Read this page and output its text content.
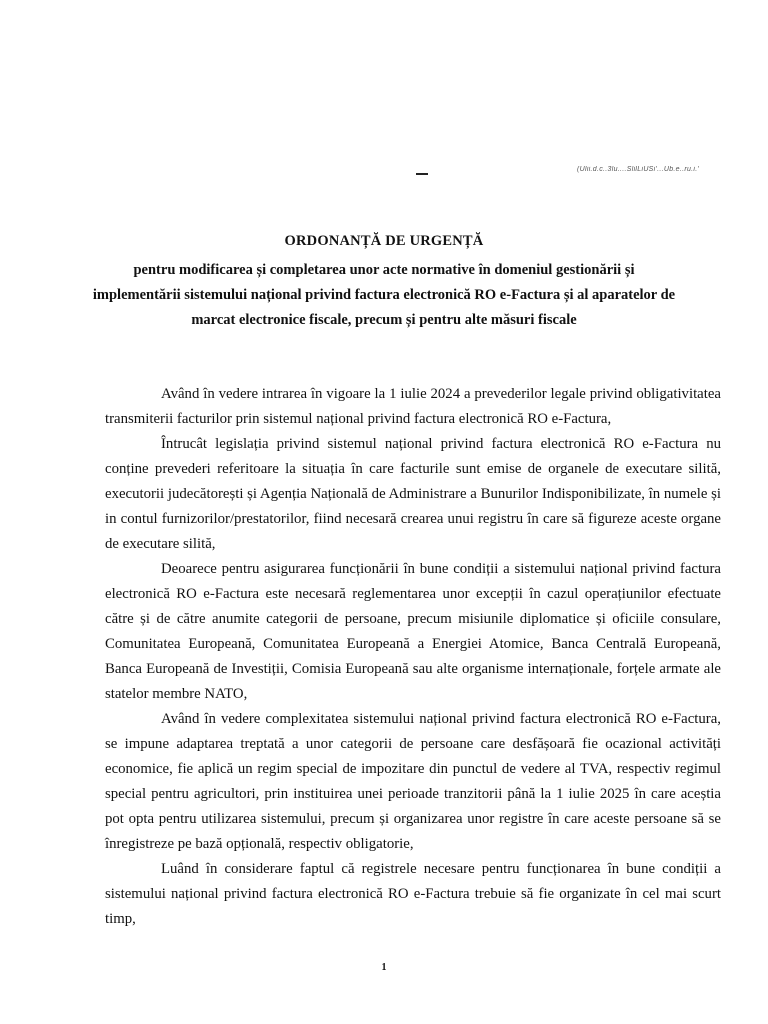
(Ulii.d.c..3lu....SlilLiUSi'...Ub.e..ru.i.'
ORDONANȚĂ DE URGENȚĂ
pentru modificarea și completarea unor acte normative în domeniul gestionării și implementării sistemului național privind factura electronică RO e-Factura și al aparatelor de marcat electronice fiscale, precum și pentru alte măsuri fiscale

Având în vedere intrarea în vigoare la 1 iulie 2024 a prevederilor legale privind obligativitatea transmiterii facturilor prin sistemul național privind factura electronică RO e-Factura,

Întrucât legislația privind sistemul național privind factura electronică RO e-Factura nu conține prevederi referitoare la situația în care facturile sunt emise de organele de executare silită, executorii judecătorești și Agenția Națională de Administrare a Bunurilor Indisponibilizate, în numele și in contul furnizorilor/prestatorilor, fiind necesară crearea unui registru în care să figureze aceste organe de executare silită,

Deoarece pentru asigurarea funcționării în bune condiții a sistemului național privind factura electronică RO e-Factura este necesară reglementarea unor excepții în cazul operațiunilor efectuate către și de către anumite categorii de persoane, precum misiunile diplomatice și oficiile consulare, Comunitatea Europeană, Comunitatea Europeană a Energiei Atomice, Banca Centrală Europeană, Banca Europeană de Investiții, Comisia Europeană sau alte organisme internaționale, forțele armate ale statelor membre NATO,

Având în vedere complexitatea sistemului național privind factura electronică RO e-Factura, se impune adaptarea treptată a unor categorii de persoane care desfășoară fie ocazional activități economice, fie aplică un regim special de impozitare din punctul de vedere al TVA, respectiv regimul special pentru agricultori, prin instituirea unei perioade tranzitorii până la 1 iulie 2025 în care aceștia pot opta pentru utilizarea sistemului, precum și organizarea unor registre în care aceste persoane să se înregistreze pe bază opțională, respectiv obligatorie,

Luând în considerare faptul că registrele necesare pentru funcționarea în bune condiții a sistemului național privind factura electronică RO e-Factura trebuie să fie organizate în cel mai scurt timp,

1
